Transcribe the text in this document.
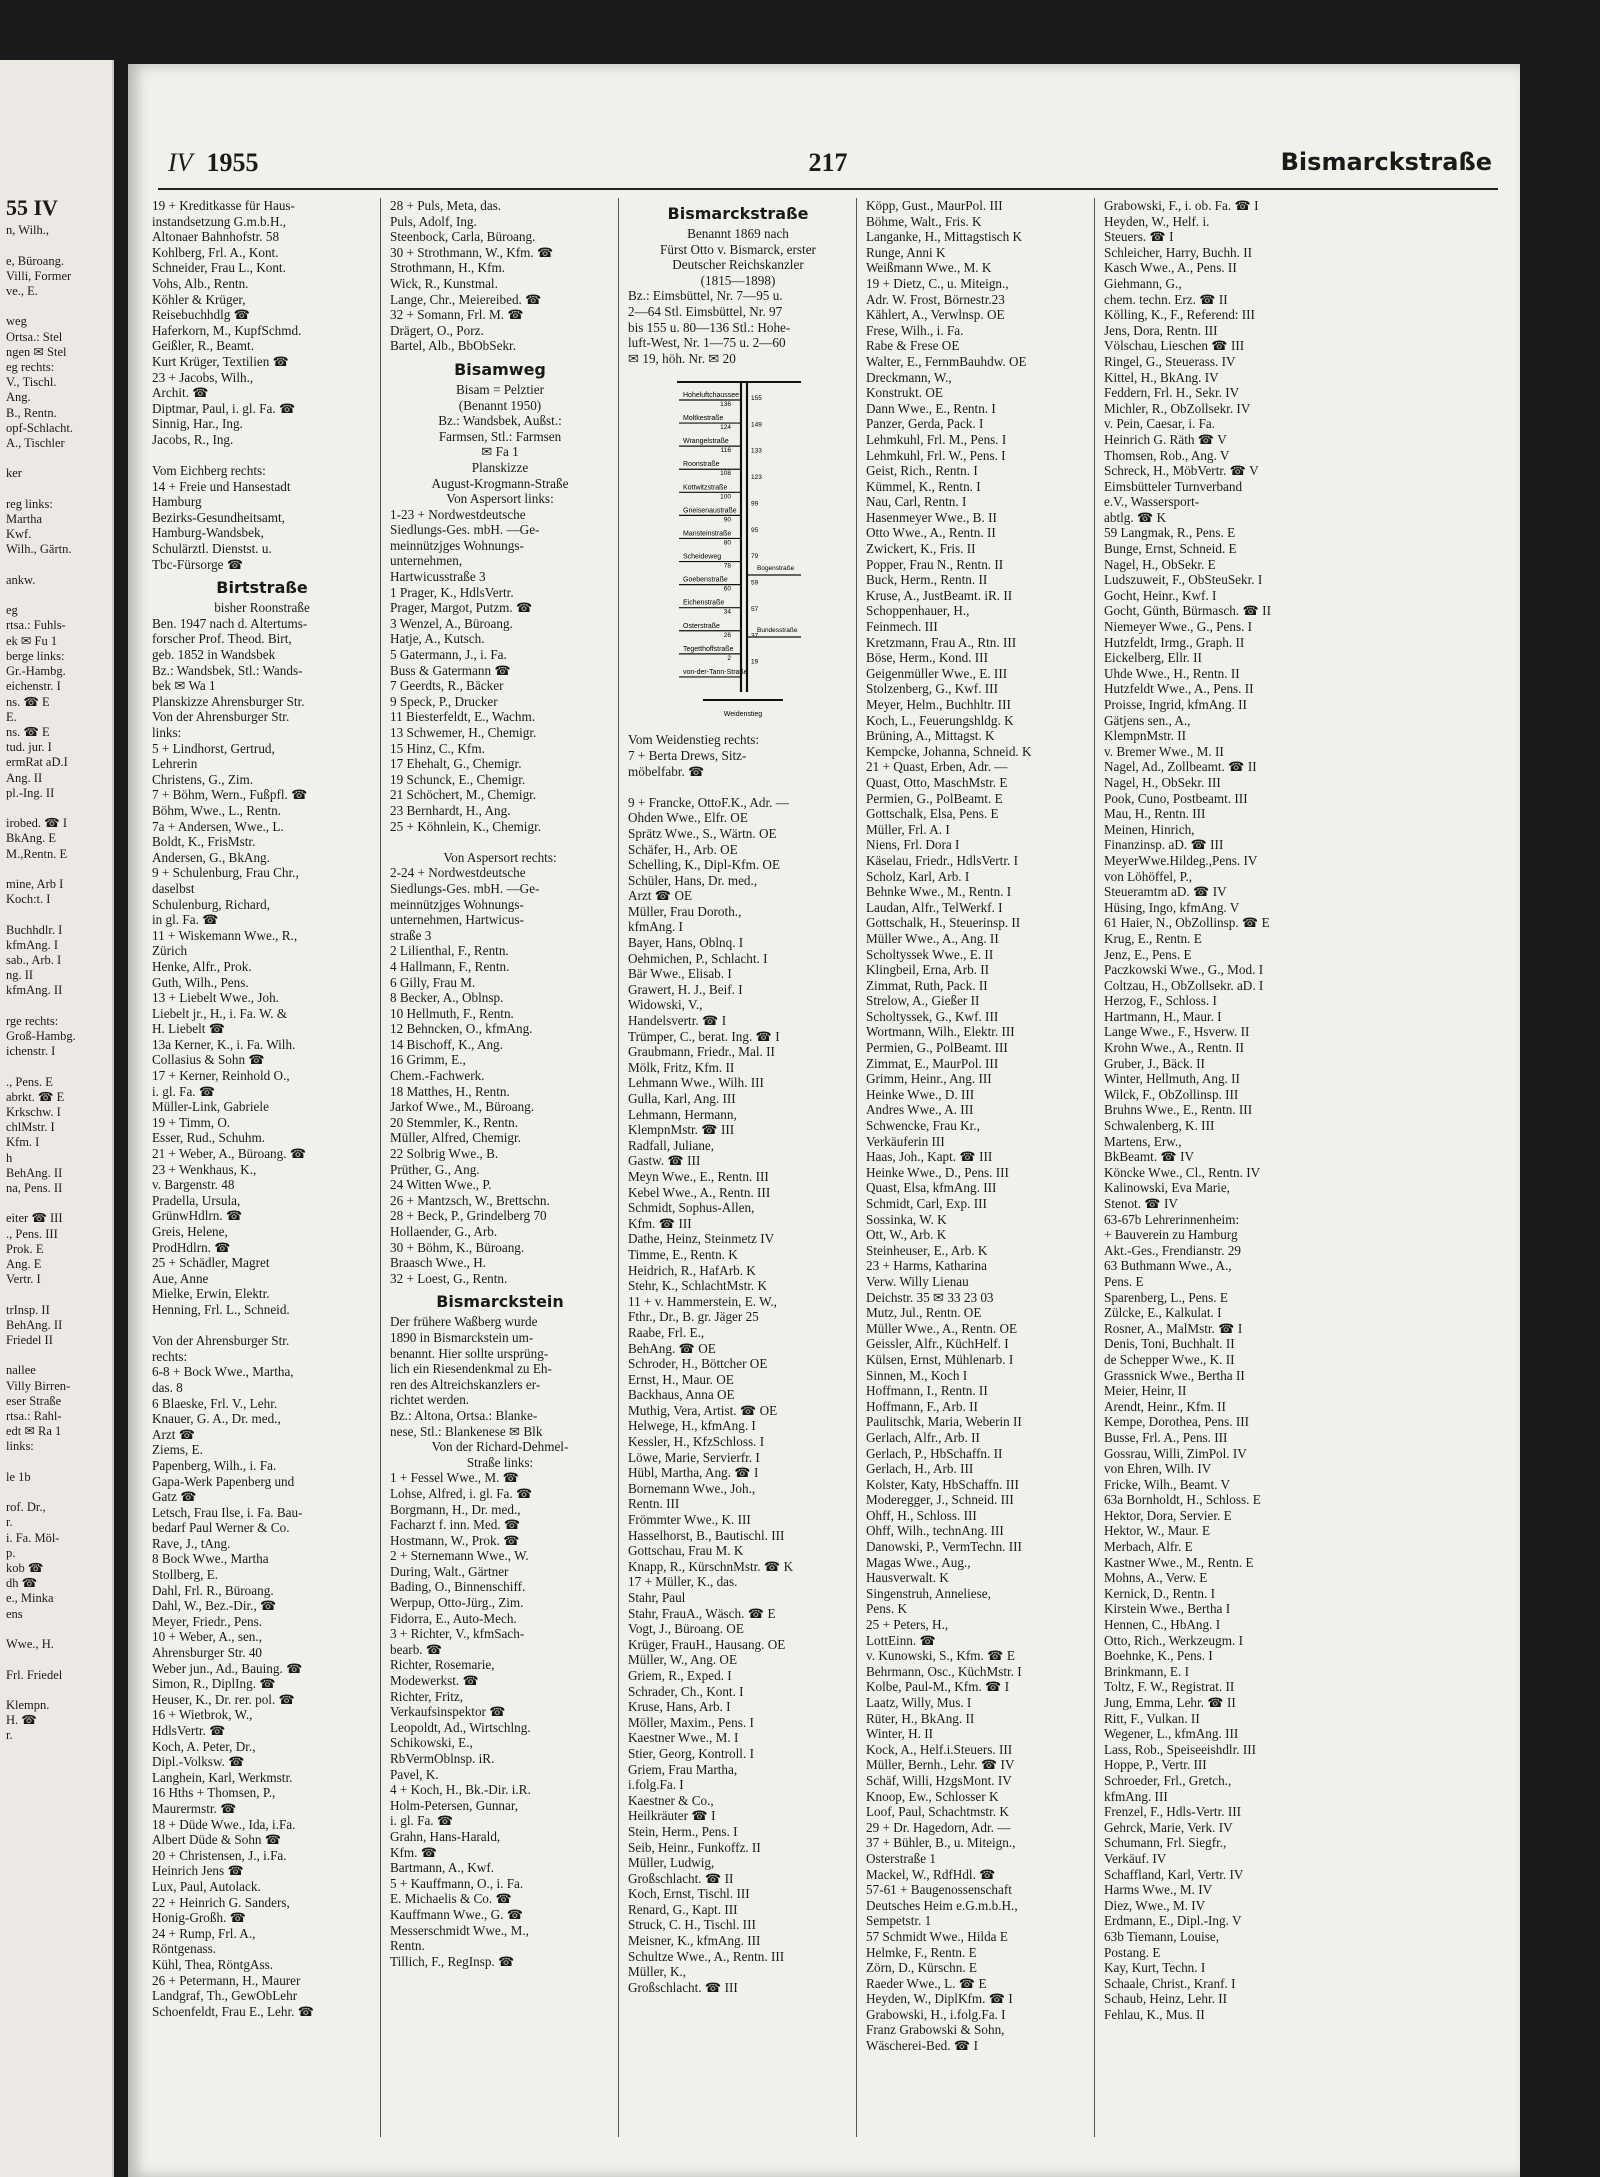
55 IV

n, Wilh.,

e, Büroang.

Villi, Former

ve., E.

weg

Ortsa.: Stel

ngen ✉ Stel

eg rechts:

V., Tischl.

Ang.

B., Rentn.

opf-Schlacht.

A., Tischler

ker

reg links:

Martha

Kwf.

Wilh., Gärtn.

ankw.

eg

rtsa.: Fuhls-

ek ✉ Fu 1

berge links:

Gr.-Hambg.

eichenstr. I

ns. ☎ E

E.

ns. ☎ E

tud. jur. I

ermRat aD.I

Ang. II

pl.-Ing. II

irobed. ☎ I

BkAng. E

M.,Rentn. E

mine, Arb I

Koch:t. I

Buchhdlr. I

kfmAng. I

sab., Arb. I

ng. II

kfmAng. II

rge rechts:

Groß-Hambg.

ichenstr. I

., Pens. E

abrkt. ☎ E

Krkschw. I

chlMstr. I

Kfm. I

h

BehAng. II

na, Pens. II

eiter ☎ III

., Pens. III

Prok. E

Ang. E

Vertr. I

trInsp. II

BehAng. II

Friedel II

nallee

Villy Birren-

eser Straße

rtsa.: Rahl-

edt ✉ Ra 1

links:

le 1b

rof. Dr.,

r.

i. Fa. Möl-

p.

kob ☎

dh ☎

e., Minka

ens

Wwe., H.

Frl. Friedel

Klempn.

H. ☎

r.

IV 1955	217	Bismarckstraße

19 + Kreditkasse für Haus-

instandsetzung G.m.b.H.,

Altonaer Bahnhofstr. 58

Kohlberg, Frl. A., Kont.

Schneider, Frau L., Kont.

Vohs, Alb., Rentn.

Köhler & Krüger,

Reisebuchhdlg ☎

Haferkorn, M., KupfSchmd.

Geißler, R., Beamt.

Kurt Krüger, Textilien ☎

23 + Jacobs, Wilh.,

Archit. ☎

Diptmar, Paul, i. gl. Fa. ☎

Sinnig, Har., Ing.

Jacobs, R., Ing.

Vom Eichberg rechts:

14 + Freie und Hansestadt

Hamburg

Bezirks-Gesundheitsamt,

Hamburg-Wandsbek,

Schulärztl. Dienstst. u.

Tbc-Fürsorge ☎

Birtstraße

bisher Roonstraße

Ben. 1947 nach d. Altertums-

forscher Prof. Theod. Birt,

geb. 1852 in Wandsbek

Bz.: Wandsbek, Stl.: Wands-

bek ✉ Wa 1

Planskizze Ahrensburger Str.

Von der Ahrensburger Str.

links:

5 + Lindhorst, Gertrud,

Lehrerin

Christens, G., Zim.

7 + Böhm, Wern., Fußpfl. ☎

Böhm, Wwe., L., Rentn.

7a + Andersen, Wwe., L.

Boldt, K., FrisMstr.

Andersen, G., BkAng.

9 + Schulenburg, Frau Chr.,

daselbst

Schulenburg, Richard,

in gl. Fa. ☎

11 + Wiskemann Wwe., R.,

Zürich

Henke, Alfr., Prok.

Guth, Wilh., Pens.

13 + Liebelt Wwe., Joh.

Liebelt jr., H., i. Fa. W. &

H. Liebelt ☎

13a Kerner, K., i. Fa. Wilh.

Collasius & Sohn ☎

17 + Kerner, Reinhold O.,

i. gl. Fa. ☎

Müller-Link, Gabriele

19 + Timm, O.

Esser, Rud., Schuhm.

21 + Weber, A., Büroang. ☎

23 + Wenkhaus, K.,

v. Bargenstr. 48

Pradella, Ursula,

GrünwHdlrn. ☎

Greis, Helene,

ProdHdlrn. ☎

25 + Schädler, Magret

Aue, Anne

Mielke, Erwin, Elektr.

Henning, Frl. L., Schneid.

Von der Ahrensburger Str.

rechts:

6-8 + Bock Wwe., Martha,

das. 8

6 Blaeske, Frl. V., Lehr.

Knauer, G. A., Dr. med.,

Arzt ☎

Ziems, E.

Papenberg, Wilh., i. Fa.

Gapa-Werk Papenberg und

Gatz ☎

Letsch, Frau Ilse, i. Fa. Bau-

bedarf Paul Werner & Co.

Rave, J., tAng.

8 Bock Wwe., Martha

Stollberg, E.

Dahl, Frl. R., Büroang.

Dahl, W., Bez.-Dir., ☎

Meyer, Friedr., Pens.

10 + Weber, A., sen.,

Ahrensburger Str. 40

Weber jun., Ad., Bauing. ☎

Simon, R., DiplIng. ☎

Heuser, K., Dr. rer. pol. ☎

16 + Wietbrok, W.,

HdlsVertr. ☎

Koch, A. Peter, Dr.,

Dipl.-Volksw. ☎

Langhein, Karl, Werkmstr.

16 Hths + Thomsen, P.,

Maurermstr. ☎

18 + Düde Wwe., Ida, i.Fa.

Albert Düde & Sohn ☎

20 + Christensen, J., i.Fa.

Heinrich Jens ☎

Lux, Paul, Autolack.

22 + Heinrich G. Sanders,

Honig-Großh. ☎

24 + Rump, Frl. A.,

Röntgenass.

Kühl, Thea, RöntgAss.

26 + Petermann, H., Maurer

Landgraf, Th., GewObLehr

Schoenfeldt, Frau E., Lehr. ☎

28 + Puls, Meta, das.

Puls, Adolf, Ing.

Steenbock, Carla, Büroang.

30 + Strothmann, W., Kfm. ☎

Strothmann, H., Kfm.

Wick, R., Kunstmal.

Lange, Chr., Meiereibed. ☎

32 + Somann, Frl. M. ☎

Drägert, O., Porz.

Bartel, Alb., BbObSekr.

Bisamweg

Bisam = Pelztier

(Benannt 1950)

Bz.: Wandsbek, Außst.:

Farmsen, Stl.: Farmsen

✉ Fa 1

Planskizze

August-Krogmann-Straße

Von Aspersort links:

1-23 + Nordwestdeutsche

Siedlungs-Ges. mbH. —Ge-

meinnützjges Wohnungs-

unternehmen,

Hartwicusstraße 3

1 Prager, K., HdlsVertr.

Prager, Margot, Putzm. ☎

3 Wenzel, A., Büroang.

Hatje, A., Kutsch.

5 Gatermann, J., i. Fa.

Buss & Gatermann ☎

7 Geerdts, R., Bäcker

9 Speck, P., Drucker

11 Biesterfeldt, E., Wachm.

13 Schwemer, H., Chemigr.

15 Hinz, C., Kfm.

17 Ehehalt, G., Chemigr.

19 Schunck, E., Chemigr.

21 Schöchert, M., Chemigr.

23 Bernhardt, H., Ang.

25 + Köhnlein, K., Chemigr.

Von Aspersort rechts:

2-24 + Nordwestdeutsche

Siedlungs-Ges. mbH. —Ge-

meinnützjges Wohnungs-

unternehmen, Hartwicus-

straße 3

2 Lilienthal, F., Rentn.

4 Hallmann, F., Rentn.

6 Gilly, Frau M.

8 Becker, A., Oblnsp.

10 Hellmuth, F., Rentn.

12 Behncken, O., kfmAng.

14 Bischoff, K., Ang.

16 Grimm, E.,

Chem.-Fachwerk.

18 Matthes, H., Rentn.

Jarkof Wwe., M., Büroang.

20 Stemmler, K., Rentn.

Müller, Alfred, Chemigr.

22 Solbrig Wwe., B.

Prüther, G., Ang.

24 Witten Wwe., P.

26 + Mantzsch, W., Brettschn.

28 + Beck, P., Grindelberg 70

Hollaender, G., Arb.

30 + Böhm, K., Büroang.

Braasch Wwe., H.

32 + Loest, G., Rentn.

Bismarckstein

Der frühere Waßberg wurde

1890 in Bismarckstein um-

benannt. Hier sollte ursprüng-

lich ein Riesendenkmal zu Eh-

ren des Altreichskanzlers er-

richtet werden.

Bz.: Altona, Ortsa.: Blanke-

nese, Stl.: Blankenese ✉ Blk

Von der Richard-Dehmel-

Straße links:

1 + Fessel Wwe., M. ☎

Lohse, Alfred, i. gl. Fa. ☎

Borgmann, H., Dr. med.,

Facharzt f. inn. Med. ☎

Hostmann, W., Prok. ☎

2 + Sternemann Wwe., W.

During, Walt., Gärtner

Bading, O., Binnenschiff.

Werpup, Otto-Jürg., Zim.

Fidorra, E., Auto-Mech.

3 + Richter, V., kfmSach-

bearb. ☎

Richter, Rosemarie,

Modewerkst. ☎

Richter, Fritz,

Verkaufsinspektor ☎

Leopoldt, Ad., Wirtschlng.

Schikowski, E.,

RbVermOblnsp. iR.

Pavel, K.

4 + Koch, H., Bk.-Dir. i.R.

Holm-Petersen, Gunnar,

i. gl. Fa. ☎

Grahn, Hans-Harald,

Kfm. ☎

Bartmann, A., Kwf.

5 + Kauffmann, O., i. Fa.

E. Michaelis & Co. ☎

Kauffmann Wwe., G. ☎

Messerschmidt Wwe., M.,

Rentn.

Tillich, F., RegInsp. ☎

Bismarckstraße

Benannt 1869 nach

Fürst Otto v. Bismarck, erster

Deutscher Reichskanzler

(1815—1898)

Bz.: Eimsbüttel, Nr. 7—95 u.

2—64 Stl. Eimsbüttel, Nr. 97

bis 155 u. 80—136 Stl.: Hohe-

luft-West, Nr. 1—75 u. 2—60

✉ 19, höh. Nr. ✉ 20

Hoheluftchaussee
136
Moltkestraße
124
Wrangelstraße
116
Roonstraße
108
Kottwitzstraße
100
Gneisenaustraße
90
Mansteinstraße
80
Scheideweg
78
Goebenstraße
60
Eichenstraße
34
Osterstraße
26
Tegetthoffstraße
2
von-der-Tann-Straße
155
149
133
123
99
95
79
59
57
37
19
Bogenstraße
Bundesstraße
Weidenstieg

Vom Weidenstieg rechts:

7 + Berta Drews, Sitz-

möbelfabr. ☎

9 + Francke, OttoF.K., Adr. —

Ohden Wwe., Elfr. OE

Sprätz Wwe., S., Wärtn. OE

Schäfer, H., Arb. OE

Schelling, K., Dipl-Kfm. OE

Schüler, Hans, Dr. med.,

Arzt ☎ OE

Müller, Frau Doroth.,

kfmAng. I

Bayer, Hans, Oblnq. I

Oehmichen, P., Schlacht. I

Bär Wwe., Elisab. I

Grawert, H. J., Beif. I

Widowski, V.,

Handelsvertr. ☎ I

Trümper, C., berat. Ing. ☎ I

Graubmann, Friedr., Mal. II

Mölk, Fritz, Kfm. II

Lehmann Wwe., Wilh. III

Gulla, Karl, Ang. III

Lehmann, Hermann,

KlempnMstr. ☎ III

Radfall, Juliane,

Gastw. ☎ III

Meyn Wwe., E., Rentn. III

Kebel Wwe., A., Rentn. III

Schmidt, Sophus-Allen,

Kfm. ☎ III

Dathe, Heinz, Steinmetz IV

Timme, E., Rentn. K

Heidrich, R., HafArb. K

Stehr, K., SchlachtMstr. K

11 + v. Hammerstein, E. W.,

Fthr., Dr., B. gr. Jäger 25

Raabe, Frl. E.,

BehAng. ☎ OE

Schroder, H., Böttcher OE

Ernst, H., Maur. OE

Backhaus, Anna OE

Muthig, Vera, Artist. ☎ OE

Helwege, H., kfmAng. I

Kessler, H., KfzSchloss. I

Löwe, Marie, Servierfr. I

Hübl, Martha, Ang. ☎ I

Bornemann Wwe., Joh.,

Rentn. III

Frömmter Wwe., K. III

Hasselhorst, B., Bautischl. III

Gottschau, Frau M. K

Knapp, R., KürschnMstr. ☎ K

17 + Müller, K., das.

Stahr, Paul

Stahr, FrauA., Wäsch. ☎ E

Vogt, J., Büroang. OE

Krüger, FrauH., Hausang. OE

Müller, W., Ang. OE

Griem, R., Exped. I

Schrader, Ch., Kont. I

Kruse, Hans, Arb. I

Möller, Maxim., Pens. I

Kaestner Wwe., M. I

Stier, Georg, Kontroll. I

Griem, Frau Martha,

i.folg.Fa. I

Kaestner & Co.,

Heilkräuter ☎ I

Stein, Herm., Pens. I

Seib, Heinr., Funkoffz. II

Müller, Ludwig,

Großschlacht. ☎ II

Koch, Ernst, Tischl. III

Renard, G., Kapt. III

Struck, C. H., Tischl. III

Meisner, K., kfmAng. III

Schultze Wwe., A., Rentn. III

Müller, K.,

Großschlacht. ☎ III

Köpp, Gust., MaurPol. III

Böhme, Walt., Fris. K

Langanke, H., Mittagstisch K

Runge, Anni K

Weißmann Wwe., M. K

19 + Dietz, C., u. Miteign.,

Adr. W. Frost, Börnestr.23

Kählert, A., Verwlnsp. OE

Frese, Wilh., i. Fa.

Rabe & Frese OE

Walter, E., FernmBauhdw. OE

Dreckmann, W.,

Konstrukt. OE

Dann Wwe., E., Rentn. I

Panzer, Gerda, Pack. I

Lehmkuhl, Frl. M., Pens. I

Lehmkuhl, Frl. W., Pens. I

Geist, Rich., Rentn. I

Kümmel, K., Rentn. I

Nau, Carl, Rentn. I

Hasenmeyer Wwe., B. II

Otto Wwe., A., Rentn. II

Zwickert, K., Fris. II

Popper, Frau N., Rentn. II

Buck, Herm., Rentn. II

Kruse, A., JustBeamt. iR. II

Schoppenhauer, H.,

Feinmech. III

Kretzmann, Frau A., Rtn. III

Böse, Herm., Kond. III

Geigenmüller Wwe., E. III

Stolzenberg, G., Kwf. III

Meyer, Helm., Buchhltr. III

Koch, L., Feuerungshldg. K

Brüning, A., Mittagst. K

Kempcke, Johanna, Schneid. K

21 + Quast, Erben, Adr. —

Quast, Otto, MaschMstr. E

Permien, G., PolBeamt. E

Gottschalk, Elsa, Pens. E

Müller, Frl. A. I

Niens, Frl. Dora I

Käselau, Friedr., HdlsVertr. I

Scholz, Karl, Arb. I

Behnke Wwe., M., Rentn. I

Laudan, Alfr., TelWerkf. I

Gottschalk, H., Steuerinsp. II

Müller Wwe., A., Ang. II

Scholtyssek Wwe., E. II

Klingbeil, Erna, Arb. II

Zimmat, Ruth, Pack. II

Strelow, A., Gießer II

Scholtyssek, G., Kwf. III

Wortmann, Wilh., Elektr. III

Permien, G., PolBeamt. III

Zimmat, E., MaurPol. III

Grimm, Heinr., Ang. III

Heinke Wwe., D. III

Andres Wwe., A. III

Schwencke, Frau Kr.,

Verkäuferin III

Haas, Joh., Kapt. ☎ III

Heinke Wwe., D., Pens. III

Quast, Elsa, kfmAng. III

Schmidt, Carl, Exp. III

Sossinka, W. K

Ott, W., Arb. K

Steinheuser, E., Arb. K

23 + Harms, Katharina

Verw. Willy Lienau

Deichstr. 35 ✉ 33 23 03

Mutz, Jul., Rentn. OE

Müller Wwe., A., Rentn. OE

Geissler, Alfr., KüchHelf. I

Külsen, Ernst, Mühlenarb. I

Sinnen, M., Koch I

Hoffmann, I., Rentn. II

Hoffmann, F., Arb. II

Paulitschk, Maria, Weberin II

Gerlach, Alfr., Arb. II

Gerlach, P., HbSchaffn. II

Gerlach, H., Arb. III

Kolster, Katy, HbSchaffn. III

Moderegger, J., Schneid. III

Ohff, H., Schloss. III

Ohff, Wilh., technAng. III

Danowski, P., VermTechn. III

Magas Wwe., Aug.,

Hausverwalt. K

Singenstruh, Anneliese,

Pens. K

25 + Peters, H.,

LottEinn. ☎

v. Kunowski, S., Kfm. ☎ E

Behrmann, Osc., KüchMstr. I

Kolbe, Paul-M., Kfm. ☎ I

Laatz, Willy, Mus. I

Rüter, H., BkAng. II

Winter, H. II

Kock, A., Helf.i.Steuers. III

Müller, Bernh., Lehr. ☎ IV

Schäf, Willi, HzgsMont. IV

Knoop, Ew., Schlosser K

Loof, Paul, Schachtmstr. K

29 + Dr. Hagedorn, Adr. —

37 + Bühler, B., u. Miteign.,

Osterstraße 1

Mackel, W., RdfHdl. ☎

57-61 + Baugenossenschaft

Deutsches Heim e.G.m.b.H.,

Sempetstr. 1

57 Schmidt Wwe., Hilda E

Helmke, F., Rentn. E

Zörn, D., Kürschn. E

Raeder Wwe., L. ☎ E

Heyden, W., DiplKfm. ☎ I

Grabowski, H., i.folg.Fa. I

Franz Grabowski & Sohn,

Wäscherei-Bed. ☎ I

Grabowski, F., i. ob. Fa. ☎ I

Heyden, W., Helf. i.

Steuers. ☎ I

Schleicher, Harry, Buchh. II

Kasch Wwe., A., Pens. II

Giehmann, G.,

chem. techn. Erz. ☎ II

Kölling, K., F., Referend: III

Jens, Dora, Rentn. III

Völschau, Lieschen ☎ III

Ringel, G., Steuerass. IV

Kittel, H., BkAng. IV

Feddern, Frl. H., Sekr. IV

Michler, R., ObZollsekr. IV

v. Pein, Caesar, i. Fa.

Heinrich G. Räth ☎ V

Thomsen, Rob., Ang. V

Schreck, H., MöbVertr. ☎ V

Eimsbütteler Turnverband

e.V., Wassersport-

abtlg. ☎ K

59 Langmak, R., Pens. E

Bunge, Ernst, Schneid. E

Nagel, H., ObSekr. E

Ludszuweit, F., ObSteuSekr. I

Gocht, Heinr., Kwf. I

Gocht, Günth, Bürmasch. ☎ II

Niemeyer Wwe., G., Pens. I

Hutzfeldt, Irmg., Graph. II

Eickelberg, Ellr. II

Uhde Wwe., H., Rentn. II

Hutzfeldt Wwe., A., Pens. II

Proisse, Ingrid, kfmAng. II

Gätjens sen., A.,

KlempnMstr. II

v. Bremer Wwe., M. II

Nagel, Ad., Zollbeamt. ☎ II

Nagel, H., ObSekr. III

Pook, Cuno, Postbeamt. III

Mau, H., Rentn. III

Meinen, Hinrich,

Finanzinsp. aD. ☎ III

MeyerWwe.Hildeg.,Pens. IV

von Löhöffel, P.,

Steueramtm aD. ☎ IV

Hüsing, Ingo, kfmAng. V

61 Haier, N., ObZollinsp. ☎ E

Krug, E., Rentn. E

Jenz, E., Pens. E

Paczkowski Wwe., G., Mod. I

Coltzau, H., ObZollsekr. aD. I

Herzog, F., Schloss. I

Hartmann, H., Maur. I

Lange Wwe., F., Hsverw. II

Krohn Wwe., A., Rentn. II

Gruber, J., Bäck. II

Winter, Hellmuth, Ang. II

Wilck, F., ObZollinsp. III

Bruhns Wwe., E., Rentn. III

Schwalenberg, K. III

Martens, Erw.,

BkBeamt. ☎ IV

Köncke Wwe., Cl., Rentn. IV

Kalinowski, Eva Marie,

Stenot. ☎ IV

63-67b Lehrerinnenheim:

+ Bauverein zu Hamburg

Akt.-Ges., Frendianstr. 29

63 Buthmann Wwe., A.,

Pens. E

Sparenberg, L., Pens. E

Zülcke, E., Kalkulat. I

Rosner, A., MalMstr. ☎ I

Denis, Toni, Buchhalt. II

de Schepper Wwe., K. II

Grassnick Wwe., Bertha II

Meier, Heinr, II

Arendt, Heinr., Kfm. II

Kempe, Dorothea, Pens. III

Busse, Frl. A., Pens. III

Gossrau, Willi, ZimPol. IV

von Ehren, Wilh. IV

Fricke, Wilh., Beamt. V

63a Bornholdt, H., Schloss. E

Hektor, Dora, Servier. E

Hektor, W., Maur. E

Merbach, Alfr. E

Kastner Wwe., M., Rentn. E

Mohns, A., Verw. E

Kernick, D., Rentn. I

Kirstein Wwe., Bertha I

Hennen, C., HbAng. I

Otto, Rich., Werkzeugm. I

Boehnke, K., Pens. I

Brinkmann, E. I

Toltz, F. W., Registrat. II

Jung, Emma, Lehr. ☎ II

Ritt, F., Vulkan. II

Wegener, L., kfmAng. III

Lass, Rob., Speiseeishdlr. III

Hoppe, P., Vertr. III

Schroeder, Frl., Gretch.,

kfmAng. III

Frenzel, F., Hdls-Vertr. III

Gehrck, Marie, Verk. IV

Schumann, Frl. Siegfr.,

Verkäuf. IV

Schaffland, Karl, Vertr. IV

Harms Wwe., M. IV

Diez, Wwe., M. IV

Erdmann, E., Dipl.-Ing. V

63b Tiemann, Louise,

Postang. E

Kay, Kurt, Techn. I

Schaale, Christ., Kranf. I

Schaub, Heinz, Lehr. II

Fehlau, K., Mus. II
